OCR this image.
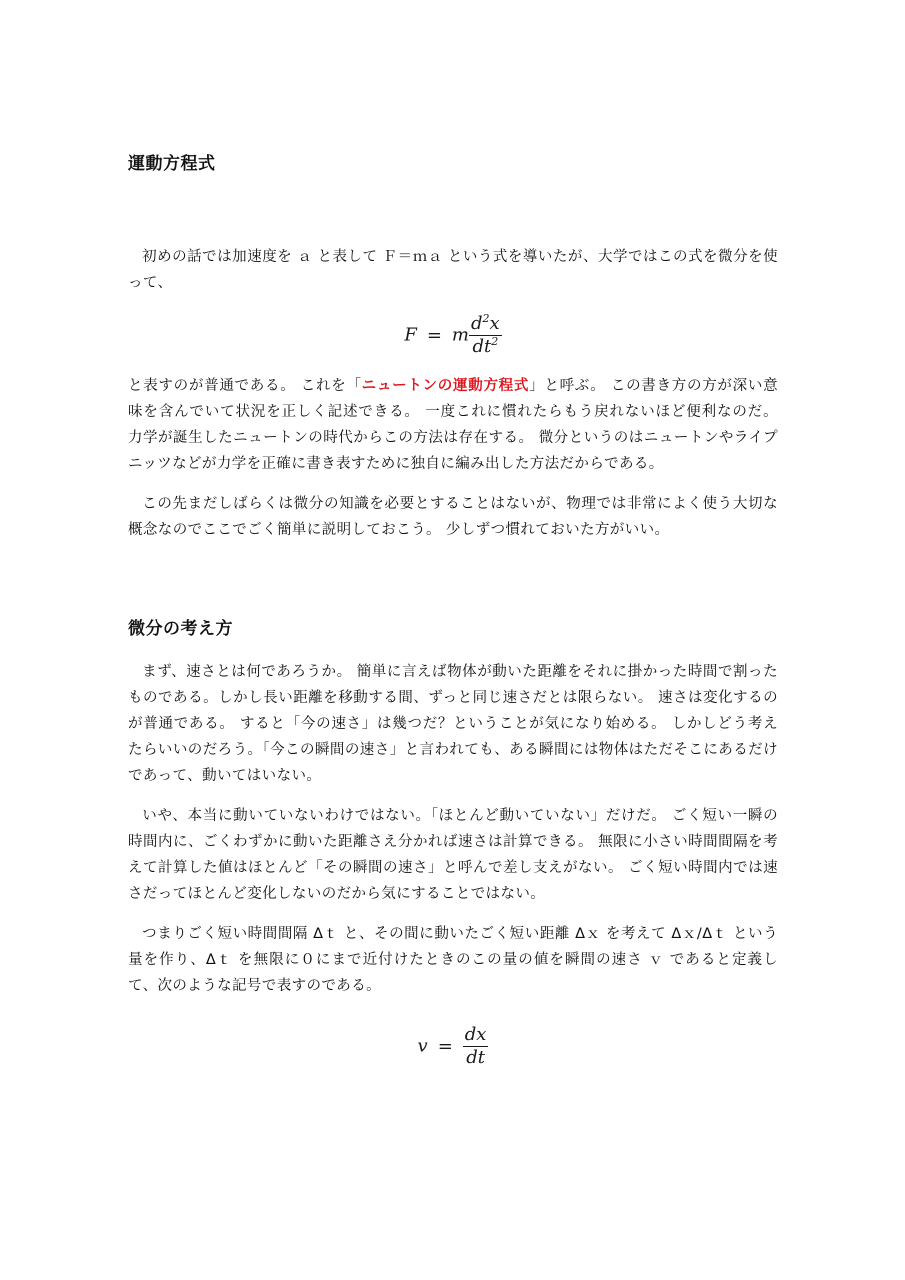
運動方程式

初めの話では加速度を ａ と表して Ｆ＝ｍａ という式を導いたが、大学ではこの式を微分を使って、

F = m $\frac{d^2x}{dt^2}$

と表すのが普通である。 これを「ニュートンの運動方程式」と呼ぶ。 この書き方の方が深い意味を含んでいて状況を正しく記述できる。 一度これに慣れたらもう戻れないほど便利なのだ。 力学が誕生したニュートンの時代からこの方法は存在する。 微分というのはニュートンやライプニッツなどが力学を正確に書き表すために独自に編み出した方法だからである。

この先まだしばらくは微分の知識を必要とすることはないが、物理では非常によく使う大切な概念なのでここでごく簡単に説明しておこう。 少しずつ慣れておいた方がいい。

微分の考え方

まず、速さとは何であろうか。 簡単に言えば物体が動いた距離をそれに掛かった時間で割ったものである。しかし長い距離を移動する間、ずっと同じ速さだとは限らない。 速さは変化するのが普通である。 すると「今の速さ」は幾つだ？ということが気になり始める。 しかしどう考えたらいいのだろう。「今この瞬間の速さ」と言われても、ある瞬間には物体はただそこにあるだけであって、動いてはいない。

いや、本当に動いていないわけではない。「ほとんど動いていない」だけだ。 ごく短い一瞬の時間内に、ごくわずかに動いた距離さえ分かれば速さは計算できる。 無限に小さい時間間隔を考えて計算した値はほとんど「その瞬間の速さ」と呼んで差し支えがない。 ごく短い時間内では速さだってほとんど変化しないのだから気にすることではない。

つまりごく短い時間間隔 Δｔ と、その間に動いたごく短い距離 Δｘ を考えて Δｘ/Δｔ という量を作り、Δｔ を無限に０にまで近付けたときのこの量の値を瞬間の速さ ｖ であると定義して、次のような記号で表すのである。

$v = \frac{dx}{dt}$
